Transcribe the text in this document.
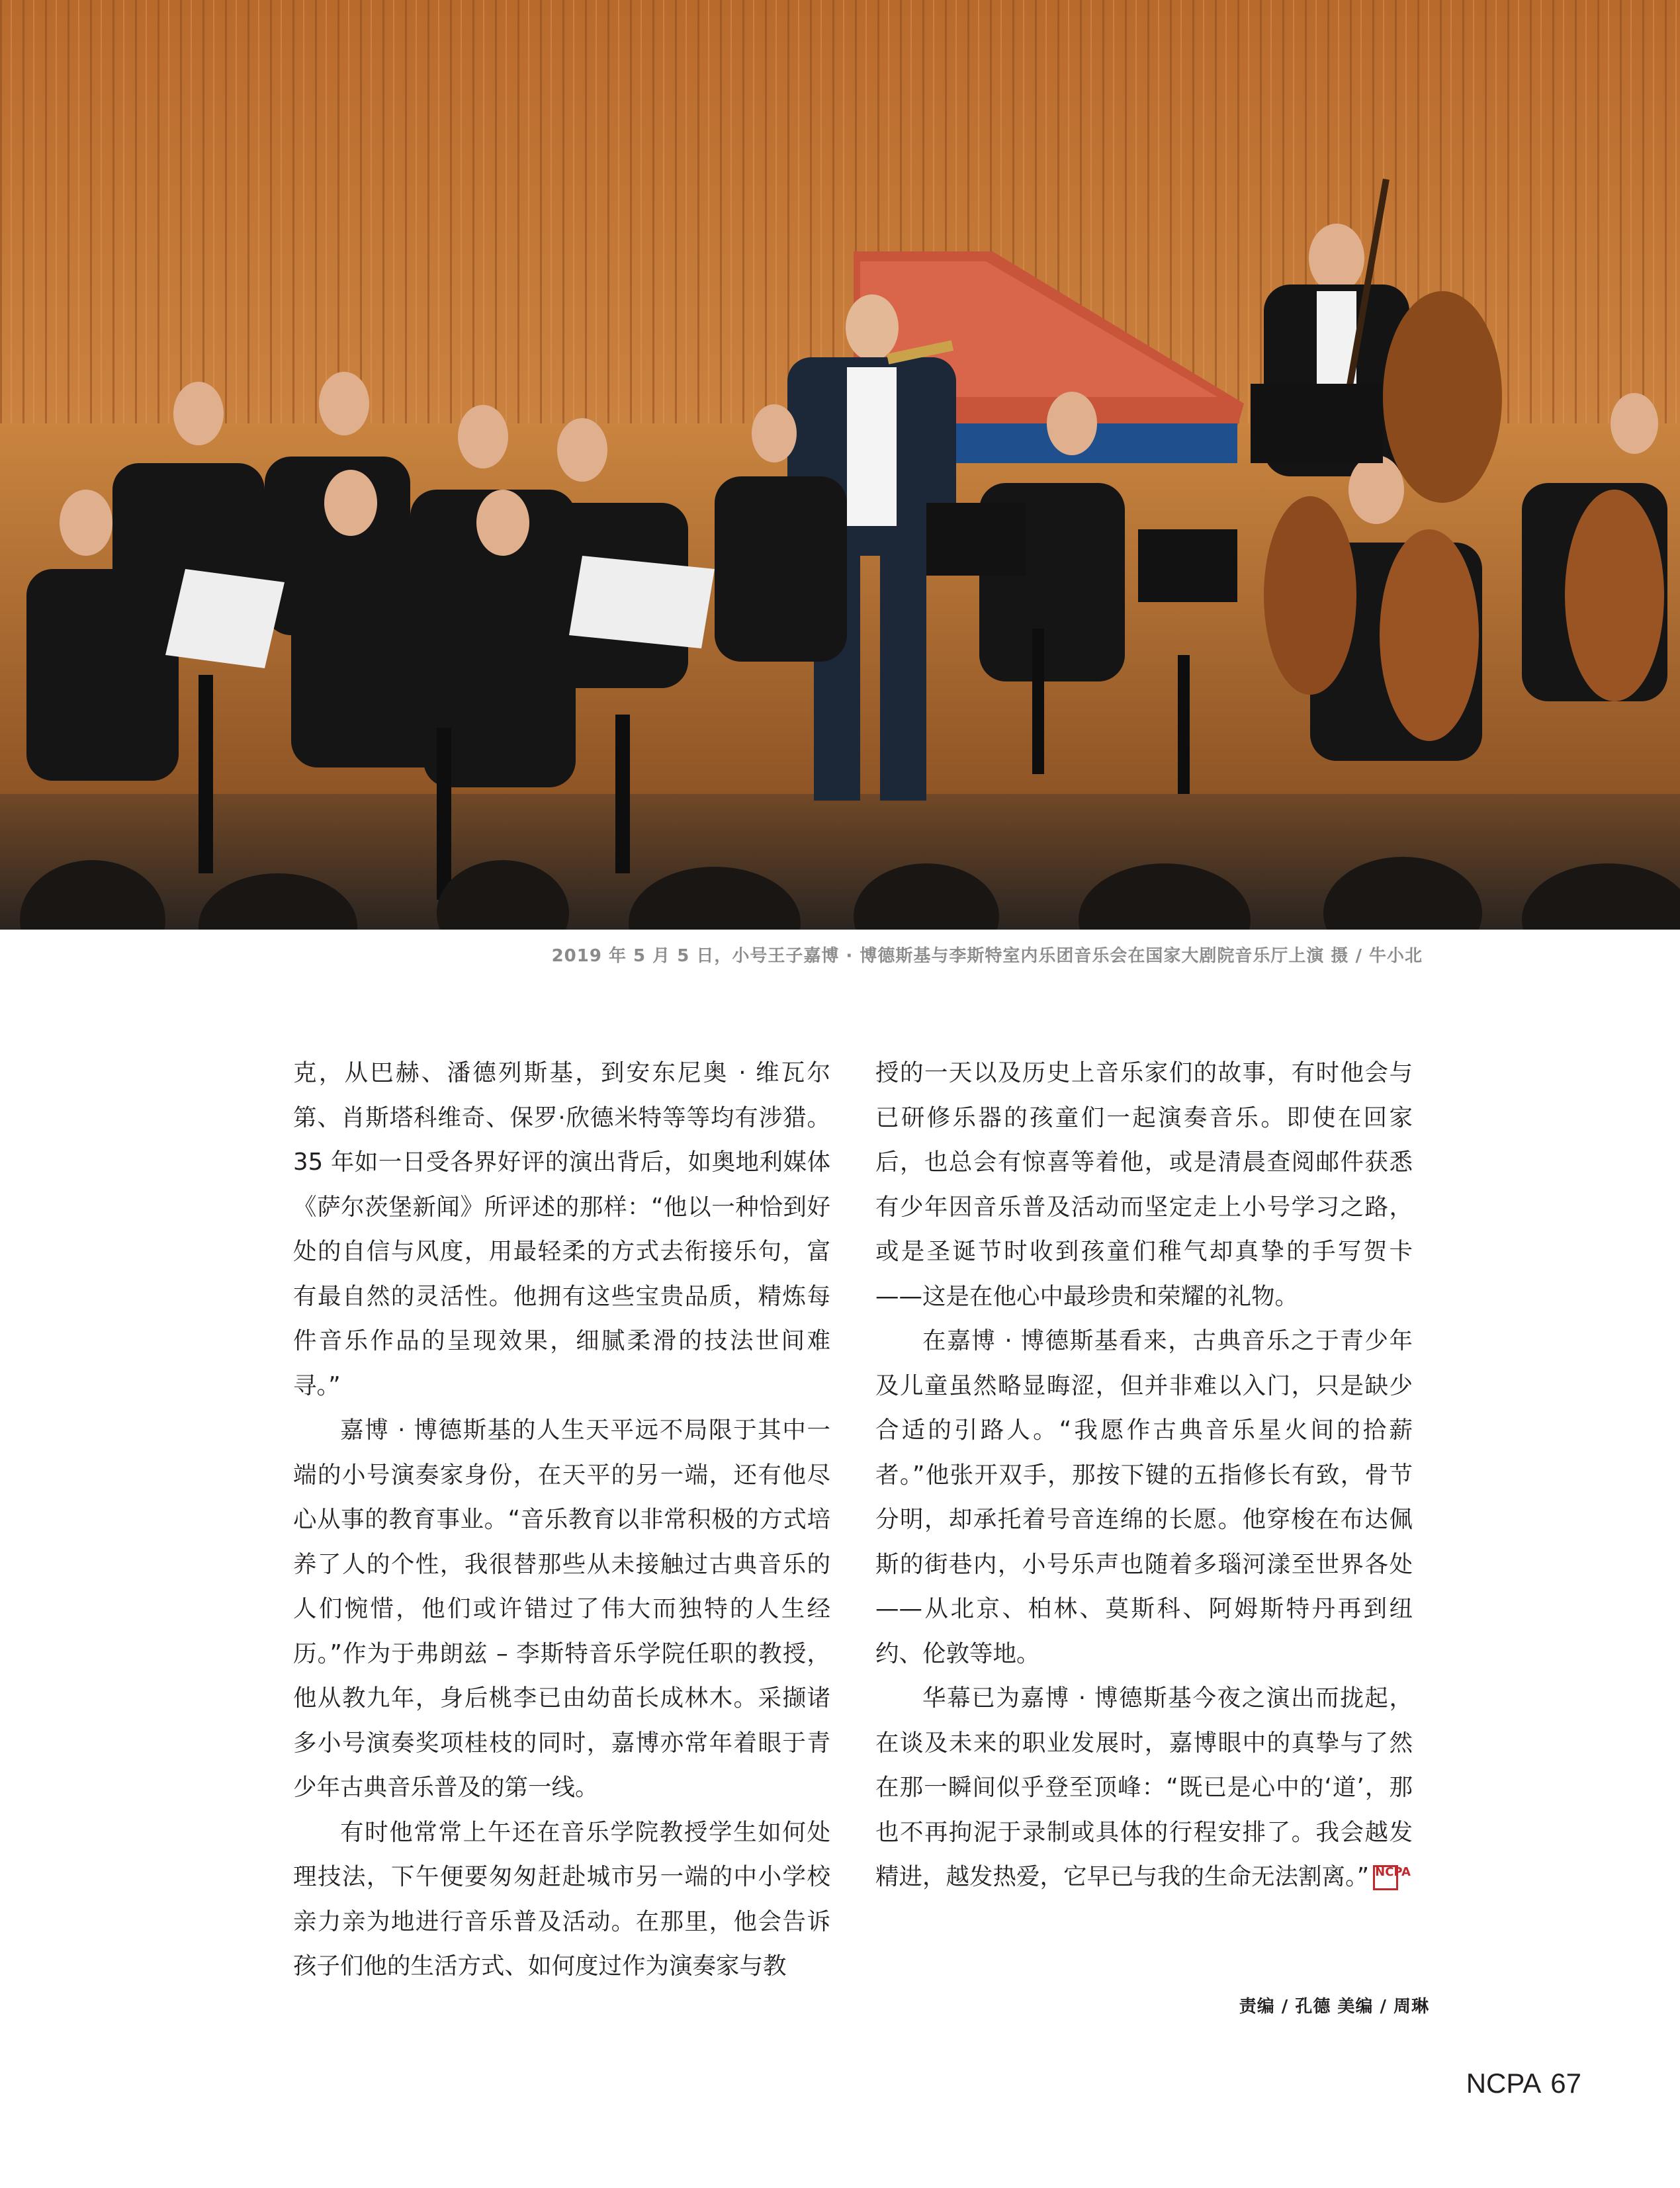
2019 年 5 月 5 日，小号王子嘉博 · 博德斯基与李斯特室内乐团音乐会在国家大剧院音乐厅上演 摄 / 牛小北

克，从巴赫、潘德列斯基，到安东尼奥 · 维瓦尔第、肖斯塔科维奇、保罗·欣德米特等等均有涉猎。35 年如一日受各界好评的演出背后，如奥地利媒体《萨尔茨堡新闻》所评述的那样：“他以一种恰到好处的自信与风度，用最轻柔的方式去衔接乐句，富有最自然的灵活性。他拥有这些宝贵品质，精炼每件音乐作品的呈现效果，细腻柔滑的技法世间难寻。”

嘉博 · 博德斯基的人生天平远不局限于其中一端的小号演奏家身份，在天平的另一端，还有他尽心从事的教育事业。“音乐教育以非常积极的方式培养了人的个性，我很替那些从未接触过古典音乐的人们惋惜，他们或许错过了伟大而独特的人生经历。”作为于弗朗兹 – 李斯特音乐学院任职的教授，他从教九年，身后桃李已由幼苗长成林木。采撷诸多小号演奏奖项桂枝的同时，嘉博亦常年着眼于青少年古典音乐普及的第一线。

有时他常常上午还在音乐学院教授学生如何处理技法，下午便要匆匆赶赴城市另一端的中小学校亲力亲为地进行音乐普及活动。在那里，他会告诉孩子们他的生活方式、如何度过作为演奏家与教

授的一天以及历史上音乐家们的故事，有时他会与已研修乐器的孩童们一起演奏音乐。即使在回家后，也总会有惊喜等着他，或是清晨查阅邮件获悉有少年因音乐普及活动而坚定走上小号学习之路，或是圣诞节时收到孩童们稚气却真挚的手写贺卡——这是在他心中最珍贵和荣耀的礼物。

在嘉博 · 博德斯基看来，古典音乐之于青少年及儿童虽然略显晦涩，但并非难以入门，只是缺少合适的引路人。“我愿作古典音乐星火间的拾薪者。”他张开双手，那按下键的五指修长有致，骨节分明，却承托着号音连绵的长愿。他穿梭在布达佩斯的街巷内，小号乐声也随着多瑙河漾至世界各处——从北京、柏林、莫斯科、阿姆斯特丹再到纽约、伦敦等地。

华幕已为嘉博 · 博德斯基今夜之演出而拢起，在谈及未来的职业发展时，嘉博眼中的真挚与了然在那一瞬间似乎登至顶峰：“既已是心中的‘道’，那也不再拘泥于录制或具体的行程安排了。我会越发精进，越发热爱，它早已与我的生命无法割离。” NCPA

责编 / 孔德 美编 / 周琳
NCPA 67
